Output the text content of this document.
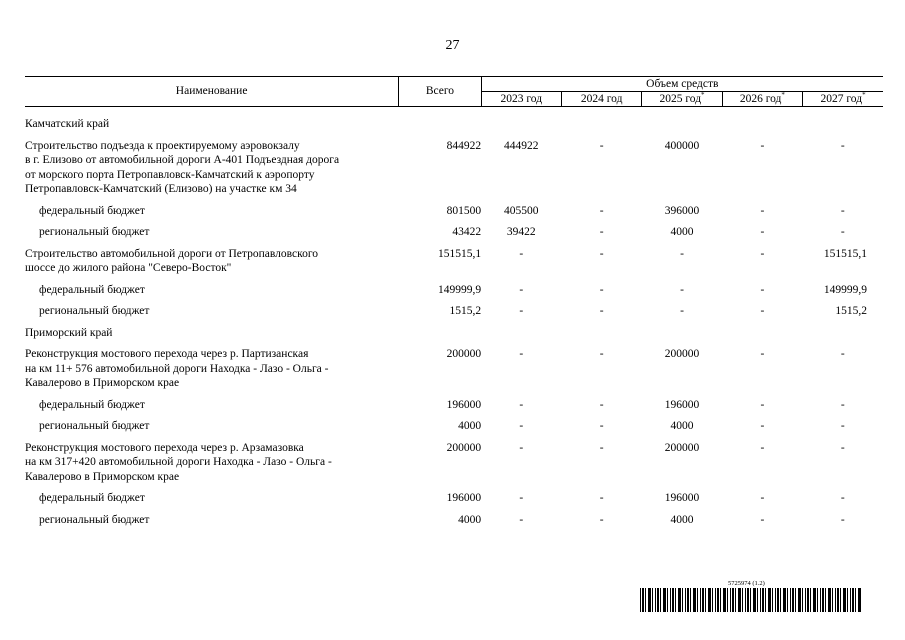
27
Наименование	Всего	Объем средств				
		2023 год	2024 год	2025 год*	2026 год*	2027 год*

Камчатский край						
Строительство подъезда к проектируемому аэровокзалу
в г. Елизово от автомобильной дороги А-401 Подъездная дорога
от морского порта Петропавловск-Камчатский к аэропорту
Петропавловск-Камчатский (Елизово) на участке км 34	844922	444922	-	400000	-	-
федеральный бюджет	801500	405500	-	396000	-	-
региональный бюджет	43422	39422	-	4000	-	-
Строительство автомобильной дороги от Петропавловского
шоссе до жилого района "Северо-Восток"	151515,1	-	-	-	-	151515,1
федеральный бюджет	149999,9	-	-	-	-	149999,9
региональный бюджет	1515,2	-	-	-	-	1515,2
Приморский край						
Реконструкция мостового перехода через р. Партизанская
на км 11+ 576 автомобильной дороги Находка - Лазо - Ольга -
Кавалерово в Приморском крае	200000	-	-	200000	-	-
федеральный бюджет	196000	-	-	196000	-	-
региональный бюджет	4000	-	-	4000	-	-
Реконструкция мостового перехода через р. Арзамазовка
на км 317+420 автомобильной дороги Находка - Лазо - Ольга -
Кавалерово в Приморском крае	200000	-	-	200000	-	-
федеральный бюджет	196000	-	-	196000	-	-
региональный бюджет	4000	-	-	4000	-	-
5725974 (1.2)
